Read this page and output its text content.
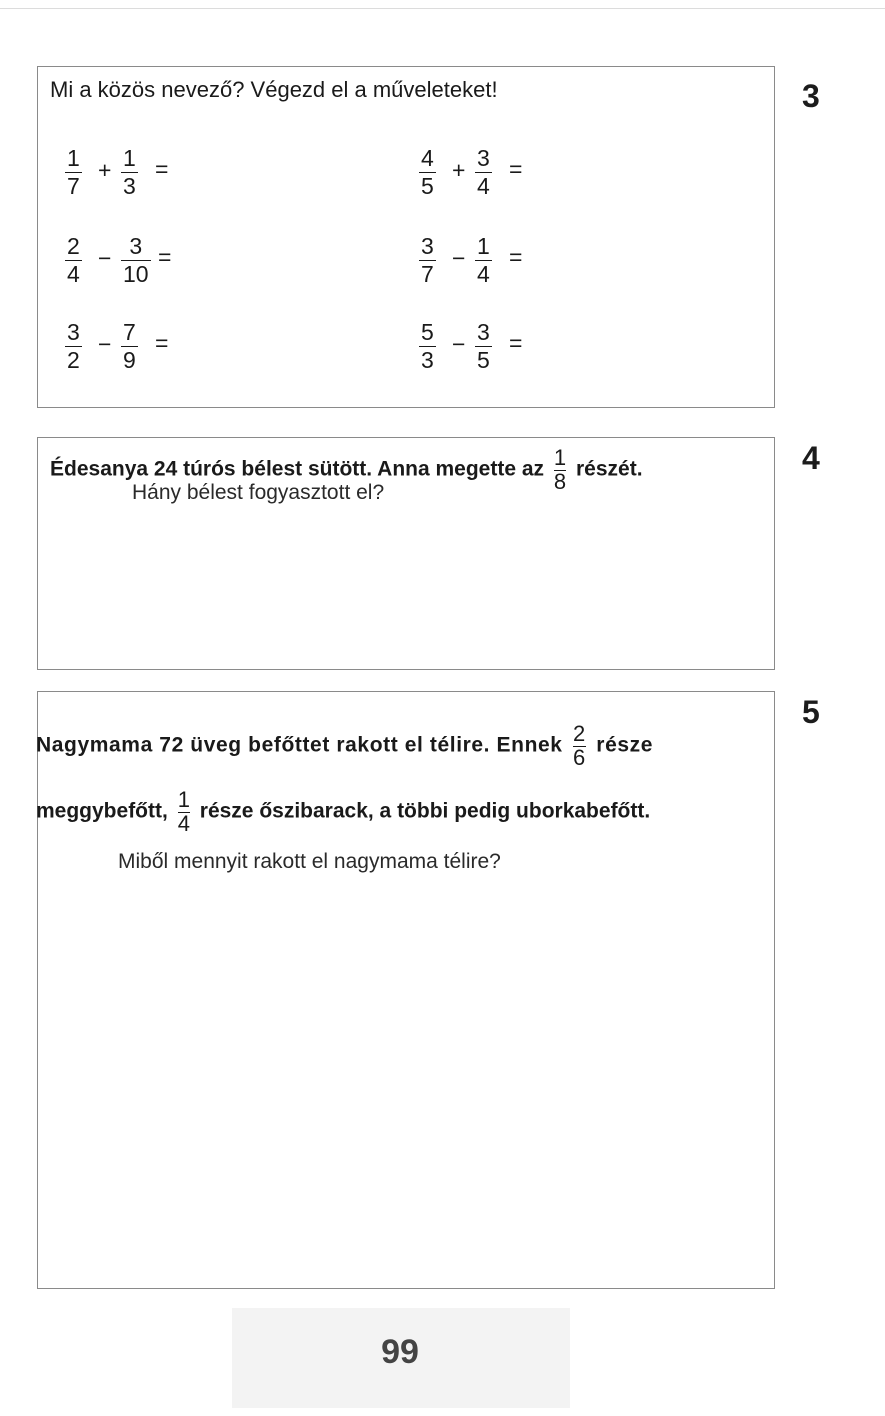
3
Mi a közös nevező? Végezd el a műveleteket!
1
7
+ 1
3
=	4
5
+ 3
4
=
2
4
− 3
10
=	3
7
− 1
4
=
3
2
− 7
9
=	5
3
− 3
5
=
4
Édesanya 24 túrós bélest sütött. Anna megette az $\frac{1}{8}$ részét.
Hány bélest fogyasztott el?
5
Nagymama 72 üveg befőttet rakott el télire. Ennek $\frac{2}{6}$ része
meggybefőtt, $\frac{1}{4}$ része őszibarack, a többi pedig uborkabefőtt.
Miből mennyit rakott el nagymama télire?
99
